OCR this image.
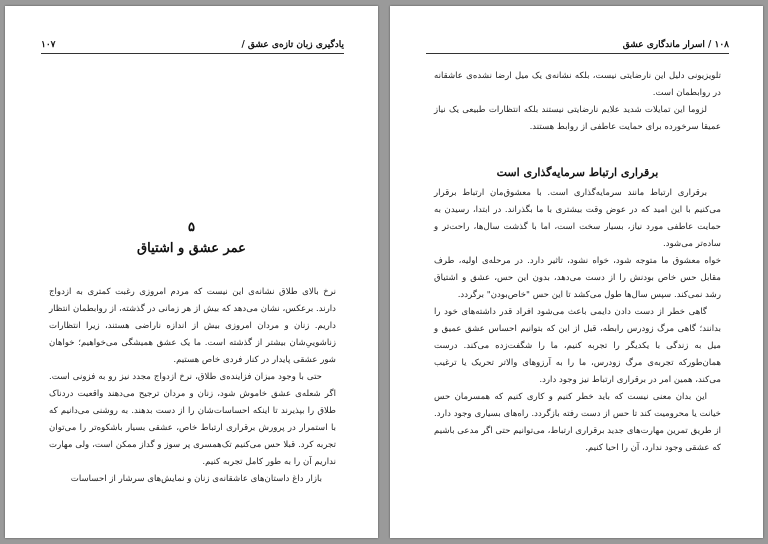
یادگیری زبان تازه‌ی عشق /
۱۰۷
۵
عمر عشق و اشتیاق

نرخ بالای طلاق نشانه‌ی این نیست که مردم امروزی رغبت کمتری به ازدواج دارند. برعکس، نشان می‌دهد که بیش از هر زمانی در گذشته، از روابطمان انتظار داریم. زنان و مردان امروزی بیش از اندازه ناراضی هستند، زیرا انتظارات زناشوییِ‌شان بیشتر از گذشته است. ما یک عشق همیشگی می‌خواهیم؛ خواهان شور عشقی پایدار در کنار فردی خاص هستیم.

حتی با وجود میزان فزاینده‌ی طلاق، نرخ ازدواج مجدد نیز رو به فزونی است. اگر شعله‌ی عشق خاموش شود، زنان و مردان ترجیح می‌دهند واقعیت دردناک طلاق را بپذیرند تا اینکه احساسات‌شان را از دست بدهند. به روشنی می‌دانیم که با استمرار در پرورش برقراری ارتباط خاص، عشقی بسیار باشکوه‌تر را می‌توان تجربه کرد. قبلا حس می‌کنیم تک‌همسری پر سوز و گداز ممکن است، ولی مهارت نداریم آن را به طور کامل تجربه کنیم.

بازار داغ داستان‌های عاشقانه‌ی زنان و نمایش‌های سرشار از احساسات

۱۰۸ / اسرار ماندگاری عشق

تلویزیونی دلیل این نارضایتی نیست، بلکه نشانه‌ی یک میل ارضا نشده‌ی عاشقانه در روابطمان است.

لزوما این تمایلات شدید علایم نارضایتی نیستند بلکه انتظارات طبیعی یک نیاز عمیقا سرخورده برای حمایت عاطفی از روابط هستند.

برقراری ارتباط سرمایه‌گذاری است

برقراری ارتباط مانند سرمایه‌گذاری است. با معشوق‌مان ارتباط برقرار می‌کنیم با این امید که در عوض وقت بیشتری با ما بگذراند. در ابتدا، رسیدن به حمایت عاطفی مورد نیاز، بسیار سخت است، اما با گذشت سال‌ها، راحت‌تر و ساده‌تر می‌شود.

خواه معشوق ما متوجه شود، خواه نشود، تاثیر دارد. در مرحله‌ی اولیه، طرف مقابل حس خاص بودنش را از دست می‌دهد، بدون این حس، عشق و اشتیاق رشد نمی‌کند. سپس سال‌ها طول می‌کشد تا این حس "خاص‌بودن" برگردد.

گاهی خطر از دست دادن دایمی باعث می‌شود افراد قدر داشته‌های خود را بدانند؛ گاهی مرگ زودرس رابطه، قبل از این که بتوانیم احساس عشق عمیق و میل به زندگی با یکدیگر را تجربه کنیم، ما را شگفت‌زده می‌کند. درست همان‌طورکه تجربه‌ی مرگ زودرس، ما را به آرزوهای والاتر تحریک یا ترغیب می‌کند، همین امر در برقراری ارتباط نیز وجود دارد.

این بدان معنی نیست که باید خطر کنیم و کاری کنیم که همسرمان حس خیانت یا محرومیت کند تا حس از دست رفته بازگردد. راه‌های بسیاری وجود دارد. از طریق تمرین مهارت‌های جدید برقراری ارتباط، می‌توانیم حتی اگر مدعی باشیم که عشقی وجود ندارد، آن را احیا کنیم.
